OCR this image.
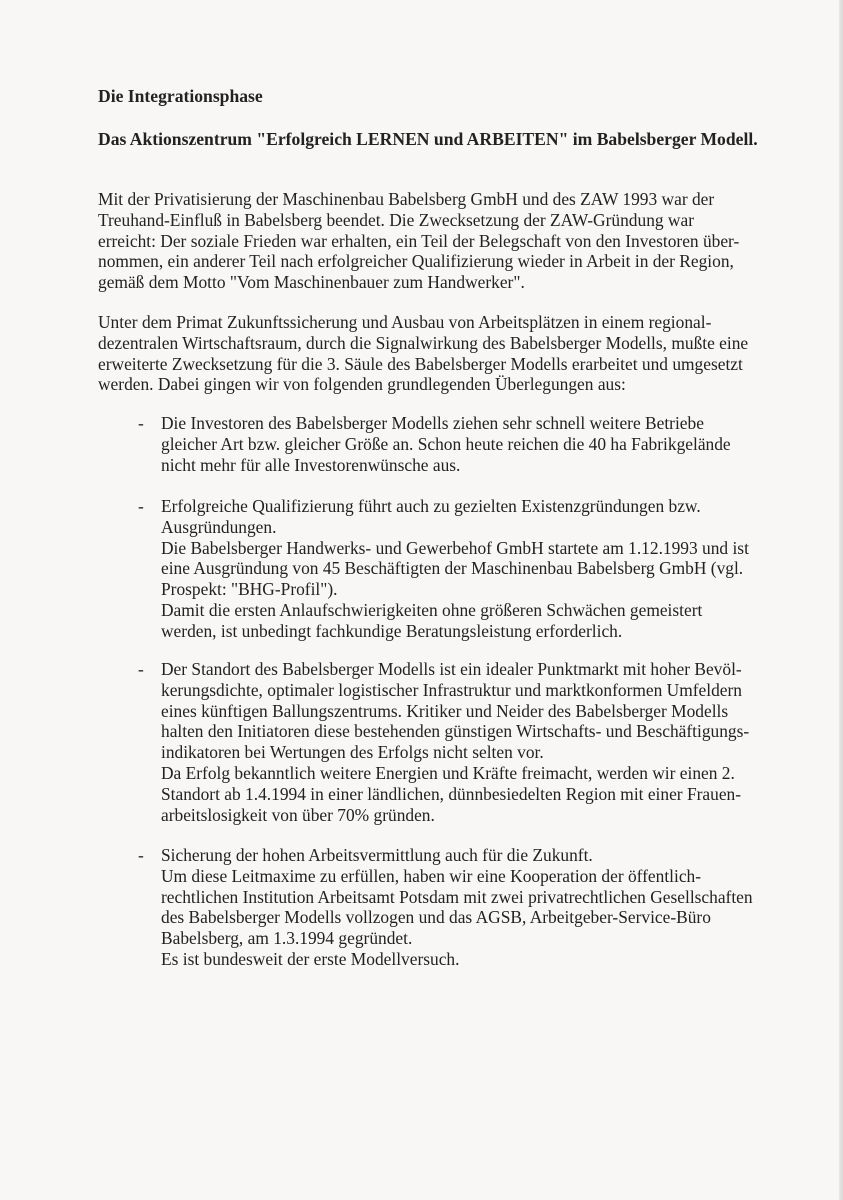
Die Integrationsphase
Das Aktionszentrum "Erfolgreich LERNEN und ARBEITEN" im Babelsberger Modell.

Mit der Privatisierung der Maschinenbau Babelsberg GmbH und des ZAW 1993 war der
Treuhand-Einfluß in Babelsberg beendet. Die Zwecksetzung der ZAW-Gründung war
erreicht: Der soziale Frieden war erhalten, ein Teil der Belegschaft von den Investoren über-
nommen, ein anderer Teil nach erfolgreicher Qualifizierung wieder in Arbeit in der Region,
gemäß dem Motto "Vom Maschinenbauer zum Handwerker".

Unter dem Primat Zukunftssicherung und Ausbau von Arbeitsplätzen in einem regional-
dezentralen Wirtschaftsraum, durch die Signalwirkung des Babelsberger Modells, mußte eine
erweiterte Zwecksetzung für die 3. Säule des Babelsberger Modells erarbeitet und umgesetzt
werden. Dabei gingen wir von folgenden grundlegenden Überlegungen aus:

- Die Investoren des Babelsberger Modells ziehen sehr schnell weitere Betriebe
gleicher Art bzw. gleicher Größe an. Schon heute reichen die 40 ha Fabrikgelände
nicht mehr für alle Investorenwünsche aus.

- Erfolgreiche Qualifizierung führt auch zu gezielten Existenzgründungen bzw.
Ausgründungen.
Die Babelsberger Handwerks- und Gewerbehof GmbH startete am 1.12.1993 und ist
eine Ausgründung von 45 Beschäftigten der Maschinenbau Babelsberg GmbH (vgl.
Prospekt: "BHG-Profil").
Damit die ersten Anlaufschwierigkeiten ohne größeren Schwächen gemeistert
werden, ist unbedingt fachkundige Beratungsleistung erforderlich.

- Der Standort des Babelsberger Modells ist ein idealer Punktmarkt mit hoher Bevöl-
kerungsdichte, optimaler logistischer Infrastruktur und marktkonformen Umfeldern
eines künftigen Ballungszentrums. Kritiker und Neider des Babelsberger Modells
halten den Initiatoren diese bestehenden günstigen Wirtschafts- und Beschäftigungs-
indikatoren bei Wertungen des Erfolgs nicht selten vor.
Da Erfolg bekanntlich weitere Energien und Kräfte freimacht, werden wir einen 2.
Standort ab 1.4.1994 in einer ländlichen, dünnbesiedelten Region mit einer Frauen-
arbeitslosigkeit von über 70% gründen.

- Sicherung der hohen Arbeitsvermittlung auch für die Zukunft.
Um diese Leitmaxime zu erfüllen, haben wir eine Kooperation der öffentlich-
rechtlichen Institution Arbeitsamt Potsdam mit zwei privatrechtlichen Gesellschaften
des Babelsberger Modells vollzogen und das AGSB, Arbeitgeber-Service-Büro
Babelsberg, am 1.3.1994 gegründet.
Es ist bundesweit der erste Modellversuch.
